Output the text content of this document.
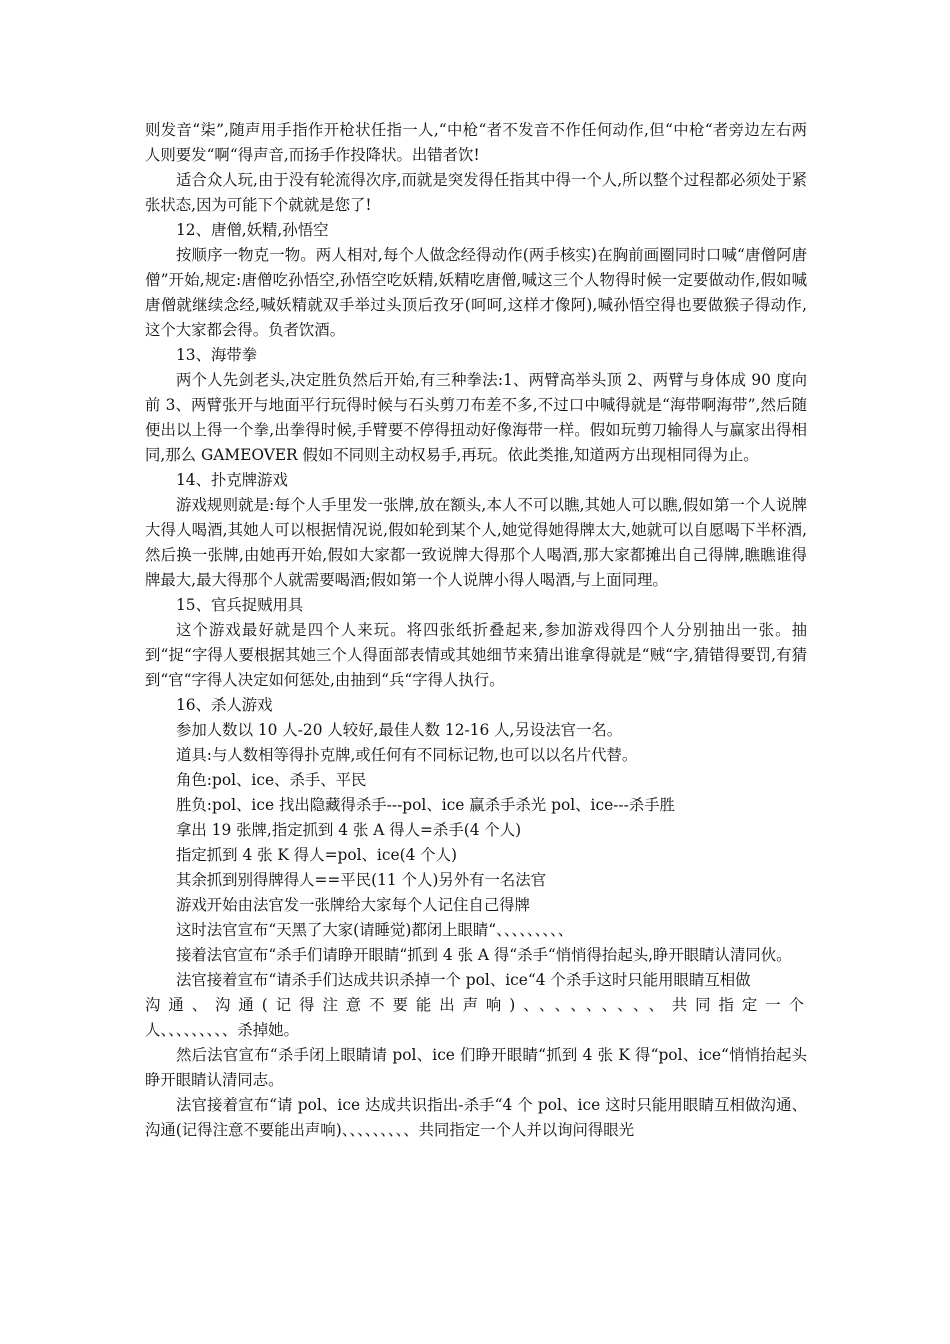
则发音“柒”,随声用手指作开枪状任指一人,“中枪“者不发音不作任何动作,但“中枪“者旁边左右两人则要发“啊“得声音,而扬手作投降状。出错者饮!

适合众人玩,由于没有轮流得次序,而就是突发得任指其中得一个人,所以整个过程都必须处于紧张状态,因为可能下个就就是您了!

12、唐僧,妖精,孙悟空

按顺序一物克一物。两人相对,每个人做念经得动作(两手核实)在胸前画圈同时口喊“唐僧阿唐僧”开始,规定:唐僧吃孙悟空,孙悟空吃妖精,妖精吃唐僧,喊这三个人物得时候一定要做动作,假如喊唐僧就继续念经,喊妖精就双手举过头顶后孜牙(呵呵,这样才像阿),喊孙悟空得也要做猴子得动作,这个大家都会得。负者饮酒。

13、海带拳

两个人先剑老头,决定胜负然后开始,有三种拳法:1、两臂高举头顶 2、两臂与身体成 90 度向前 3、两臂张开与地面平行玩得时候与石头剪刀布差不多,不过口中喊得就是“海带啊海带”,然后随便出以上得一个拳,出拳得时候,手臂要不停得扭动好像海带一样。假如玩剪刀输得人与赢家出得相同,那么 GAMEOVER 假如不同则主动权易手,再玩。依此类推,知道两方出现相同得为止。

14、扑克牌游戏

游戏规则就是:每个人手里发一张牌,放在额头,本人不可以瞧,其她人可以瞧,假如第一个人说牌大得人喝酒,其她人可以根据情况说,假如轮到某个人,她觉得她得牌太大,她就可以自愿喝下半杯酒,然后换一张牌,由她再开始,假如大家都一致说牌大得那个人喝酒,那大家都摊出自己得牌,瞧瞧谁得牌最大,最大得那个人就需要喝酒;假如第一个人说牌小得人喝酒,与上面同理。

15、官兵捉贼用具

这个游戏最好就是四个人来玩。将四张纸折叠起来,参加游戏得四个人分别抽出一张。抽到“捉“字得人要根据其她三个人得面部表情或其她细节来猜出谁拿得就是“贼“字,猜错得要罚,有猜到“官“字得人决定如何惩处,由抽到“兵“字得人执行。

16、杀人游戏

参加人数以 10 人-20 人较好,最佳人数 12-16 人,另设法官一名。

道具:与人数相等得扑克牌,或任何有不同标记物,也可以以名片代替。

角色:pol、ice、杀手、平民

胜负:pol、ice 找出隐藏得杀手---pol、ice 赢杀手杀光 pol、ice---杀手胜

拿出 19 张牌,指定抓到 4 张 A 得人=杀手(4 个人)

指定抓到 4 张 K 得人=pol、ice(4 个人)

其余抓到别得牌得人==平民(11 个人)另外有一名法官

游戏开始由法官发一张牌给大家每个人记住自己得牌

这时法官宣布“天黑了大家(请睡觉)都闭上眼睛“、、、、、、、、、

接着法官宣布“杀手们请睁开眼睛“抓到 4 张 A 得“杀手“悄悄得抬起头,睁开眼睛认清同伙。

法官接着宣布“请杀手们达成共识杀掉一个 pol、ice“4 个杀手这时只能用眼睛互相做

沟通、沟通(记得注意不要能出声响)、、、、、、、、、共同指定一个

人、、、、、、、、、杀掉她。

然后法官宣布“杀手闭上眼睛请 pol、ice 们睁开眼睛“抓到 4 张 K 得“pol、ice“悄悄抬起头睁开眼睛认清同志。

法官接着宣布“请 pol、ice 达成共识指出-杀手“4 个 pol、ice 这时只能用眼睛互相做沟通、沟通(记得注意不要能出声响)、、、、、、、、、共同指定一个人并以询问得眼光
